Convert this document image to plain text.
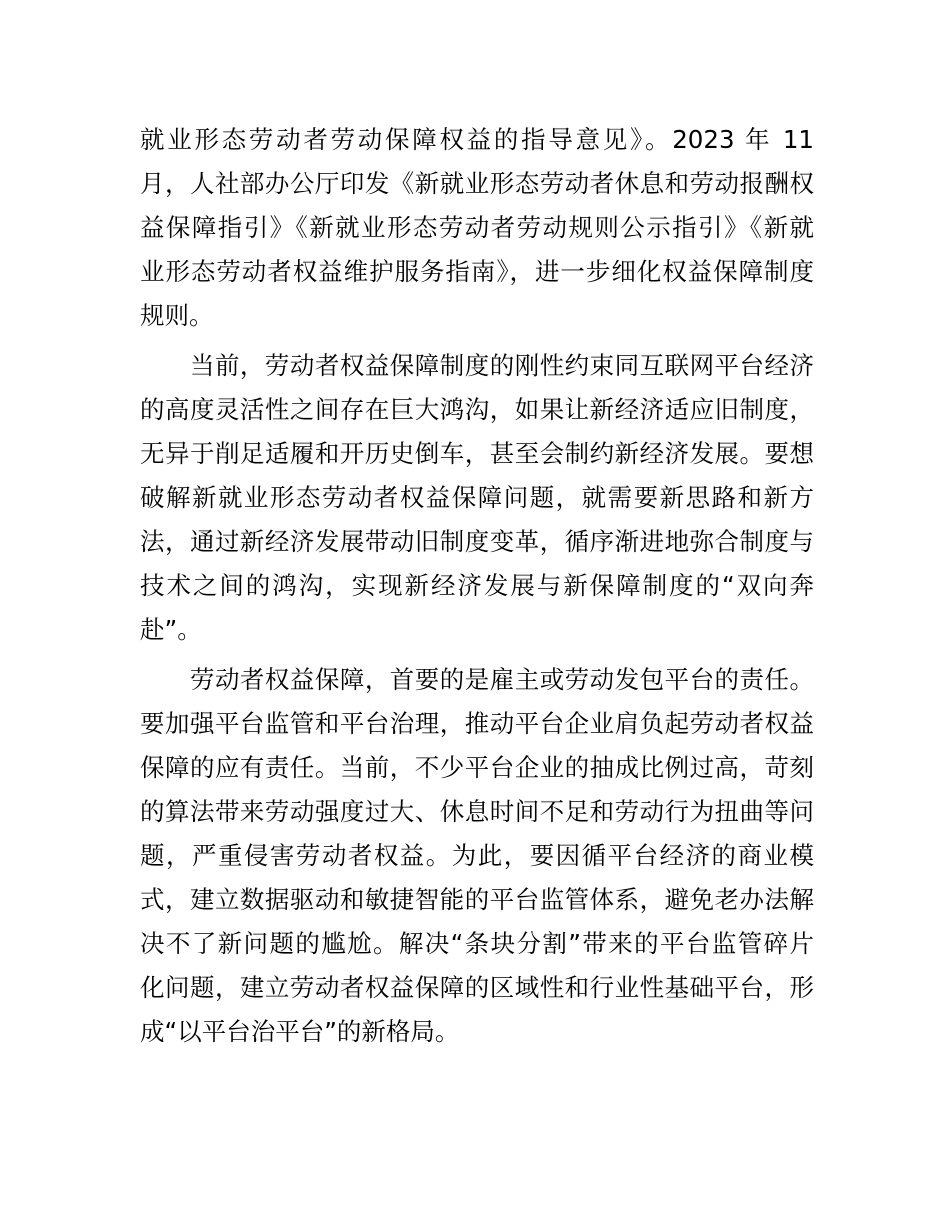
就业形态劳动者劳动保障权益的指导意见》。2023 年 11
月，人社部办公厅印发《新就业形态劳动者休息和劳动报酬权
益保障指引》《新就业形态劳动者劳动规则公示指引》《新就
业形态劳动者权益维护服务指南》，进一步细化权益保障制度
规则。
　　当前，劳动者权益保障制度的刚性约束同互联网平台经济
的高度灵活性之间存在巨大鸿沟，如果让新经济适应旧制度，
无异于削足适履和开历史倒车，甚至会制约新经济发展。要想
破解新就业形态劳动者权益保障问题，就需要新思路和新方
法，通过新经济发展带动旧制度变革，循序渐进地弥合制度与
技术之间的鸿沟，实现新经济发展与新保障制度的“双向奔
赴”。
　　劳动者权益保障，首要的是雇主或劳动发包平台的责任。
要加强平台监管和平台治理，推动平台企业肩负起劳动者权益
保障的应有责任。当前，不少平台企业的抽成比例过高，苛刻
的算法带来劳动强度过大、休息时间不足和劳动行为扭曲等问
题，严重侵害劳动者权益。为此，要因循平台经济的商业模
式，建立数据驱动和敏捷智能的平台监管体系，避免老办法解
决不了新问题的尴尬。解决“条块分割”带来的平台监管碎片
化问题，建立劳动者权益保障的区域性和行业性基础平台，形
成“以平台治平台”的新格局。
